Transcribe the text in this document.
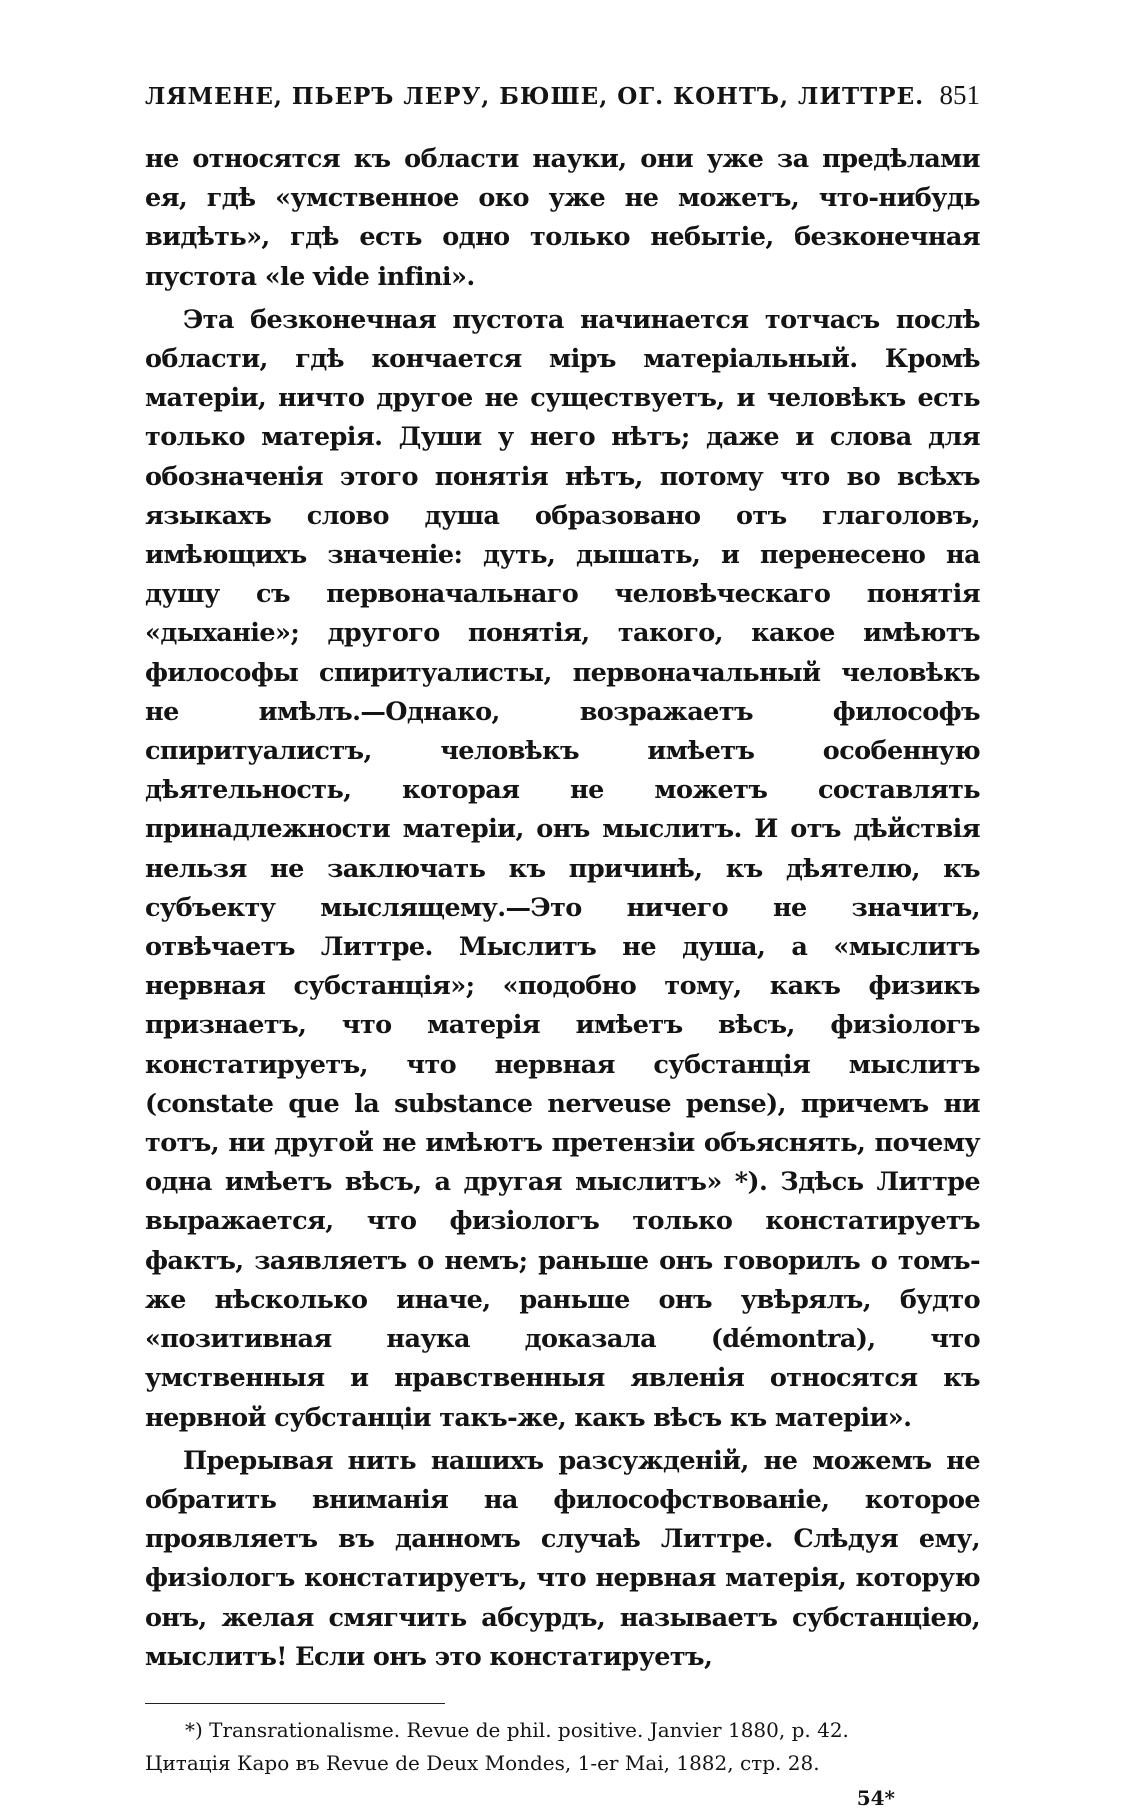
ЛЯМЕНЕ, ПЬЕРЪ ЛЕРУ, БЮШЕ, ОГ. КОНТЪ, ЛИТТРЕ. 851

не относятся къ области науки, они уже за предѣлами ея, гдѣ «умственное око уже не можетъ, что-нибудь видѣть», гдѣ есть одно только небытіе, безконечная пустота «le vide infini».

Эта безконечная пустота начинается тотчасъ послѣ области, гдѣ кончается міръ матеріальный. Кромѣ матеріи, ничто другое не существуетъ, и человѣкъ есть только матерія. Души у него нѣтъ; даже и слова для обозначенія этого понятія нѣтъ, потому что во всѣхъ языкахъ слово душа образовано отъ глаголовъ, имѣющихъ значеніе: дуть, дышать, и перенесено на душу съ первоначальнаго человѣческаго понятія «дыханіе»; другого понятія, такого, какое имѣютъ философы спиритуалисты, первоначальный человѣкъ не имѣлъ.—Однако, возражаетъ философъ спиритуалистъ, человѣкъ имѣетъ особенную дѣятельность, которая не можетъ составлять принадлежности матеріи, онъ мыслитъ. И отъ дѣйствія нельзя не заключать къ причинѣ, къ дѣятелю, къ субъекту мыслящему.—Это ничего не значитъ, отвѣчаетъ Литтре. Мыслитъ не душа, а «мыслитъ нервная субстанція»; «подобно тому, какъ физикъ признаетъ, что матерія имѣетъ вѣсъ, физіологъ констатируетъ, что нервная субстанція мыслитъ (constate que la substance nerveuse pense), причемъ ни тотъ, ни другой не имѣютъ претензіи объяснять, почему одна имѣетъ вѣсъ, а другая мыслитъ» *). Здѣсь Литтре выражается, что физіологъ только констатируетъ фактъ, заявляетъ о немъ; раньше онъ говорилъ о томъ-же нѣсколько иначе, раньше онъ увѣрялъ, будто «позитивная наука доказала (démontra), что умственныя и нравственныя явленія относятся къ нервной субстанціи такъ-же, какъ вѣсъ къ матеріи».

Прерывая нить нашихъ разсужденій, не можемъ не обратить вниманія на философствованіе, которое проявляетъ въ данномъ случаѣ Литтре. Слѣдуя ему, физіологъ констатируетъ, что нервная матерія, которую онъ, желая смягчить абсурдъ, называетъ субстанціею, мыслитъ! Если онъ это констатируетъ,

*) Transrationalisme. Revue de phil. positive. Janvier 1880, p. 42.

Цитація Каро въ Revue de Deux Mondes, 1-er Mai, 1882, стр. 28.

54*
